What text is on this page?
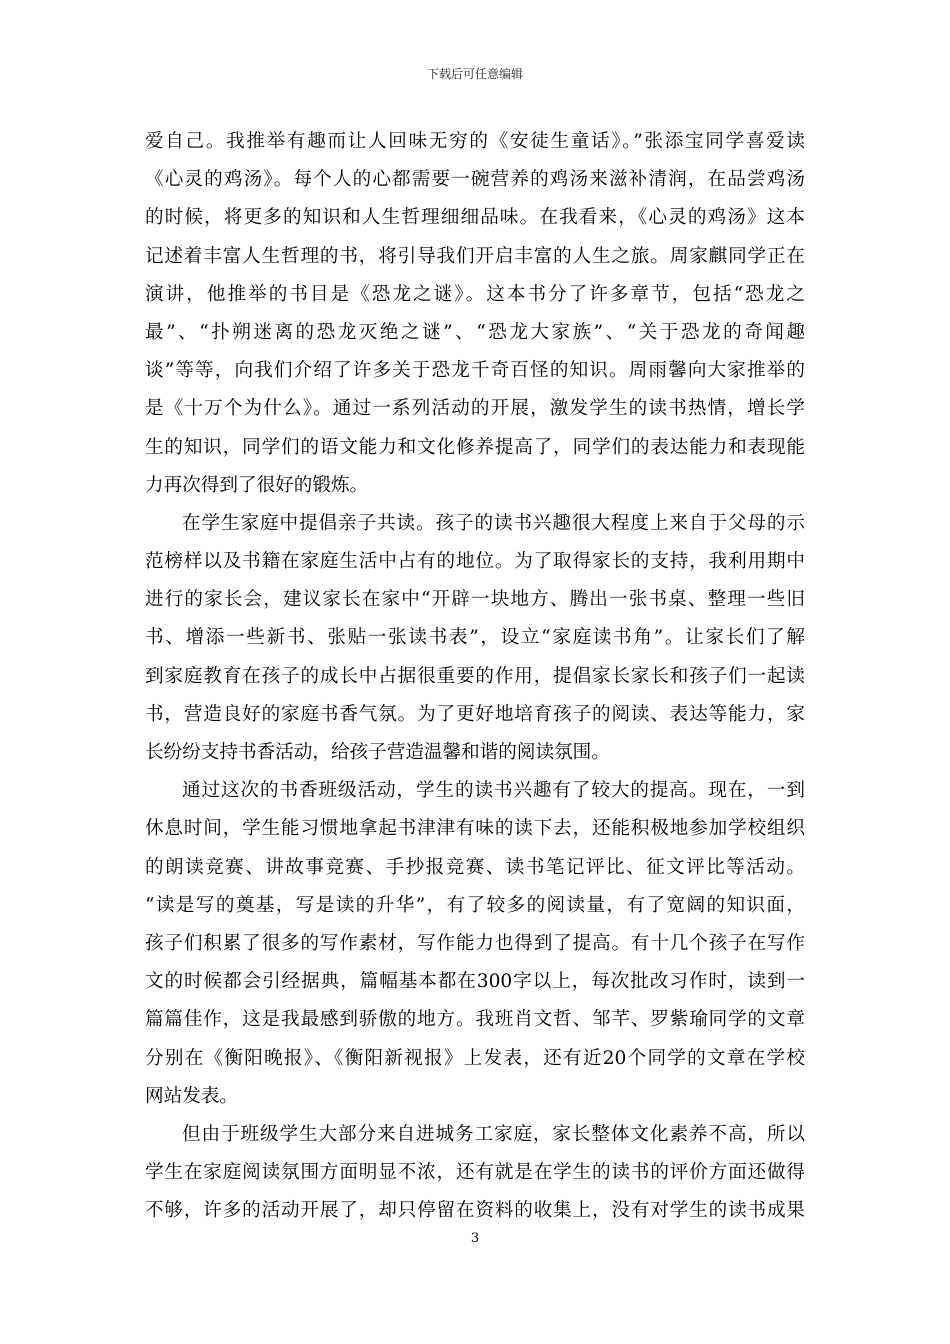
下载后可任意编辑
爱自己。我推举有趣而让人回味无穷的《安徒生童话》。”张添宝同学喜爱读
《心灵的鸡汤》。每个人的心都需要一碗营养的鸡汤来滋补清润，在品尝鸡汤
的时候，将更多的知识和人生哲理细细品味。在我看来，《心灵的鸡汤》这本
记述着丰富人生哲理的书，将引导我们开启丰富的人生之旅。周家麒同学正在
演讲，他推举的书目是《恐龙之谜》。这本书分了许多章节，包括“恐龙之
最”、“扑朔迷离的恐龙灭绝之谜”、“恐龙大家族”、“关于恐龙的奇闻趣
谈”等等，向我们介绍了许多关于恐龙千奇百怪的知识。周雨馨向大家推举的
是《十万个为什么》。通过一系列活动的开展，激发学生的读书热情，增长学
生的知识，同学们的语文能力和文化修养提高了，同学们的表达能力和表现能
力再次得到了很好的锻炼。
在学生家庭中提倡亲子共读。孩子的读书兴趣很大程度上来自于父母的示
范榜样以及书籍在家庭生活中占有的地位。为了取得家长的支持，我利用期中
进行的家长会，建议家长在家中“开辟一块地方、腾出一张书桌、整理一些旧
书、增添一些新书、张贴一张读书表”，设立“家庭读书角”。让家长们了解
到家庭教育在孩子的成长中占据很重要的作用，提倡家长家长和孩子们一起读
书，营造良好的家庭书香气氛。为了更好地培育孩子的阅读、表达等能力，家
长纷纷支持书香活动，给孩子营造温馨和谐的阅读氛围。
通过这次的书香班级活动，学生的读书兴趣有了较大的提高。现在，一到
休息时间，学生能习惯地拿起书津津有味的读下去，还能积极地参加学校组织
的朗读竞赛、讲故事竞赛、手抄报竞赛、读书笔记评比、征文评比等活动。
“读是写的奠基，写是读的升华”，有了较多的阅读量，有了宽阔的知识面，
孩子们积累了很多的写作素材，写作能力也得到了提高。有十几个孩子在写作
文的时候都会引经据典，篇幅基本都在300字以上，每次批改习作时，读到一
篇篇佳作，这是我最感到骄傲的地方。我班肖文哲、邹芊、罗紫瑜同学的文章
分别在《衡阳晚报》、《衡阳新视报》上发表，还有近20个同学的文章在学校
网站发表。
但由于班级学生大部分来自进城务工家庭，家长整体文化素养不高，所以
学生在家庭阅读氛围方面明显不浓，还有就是在学生的读书的评价方面还做得
不够，许多的活动开展了，却只停留在资料的收集上，没有对学生的读书成果
3
